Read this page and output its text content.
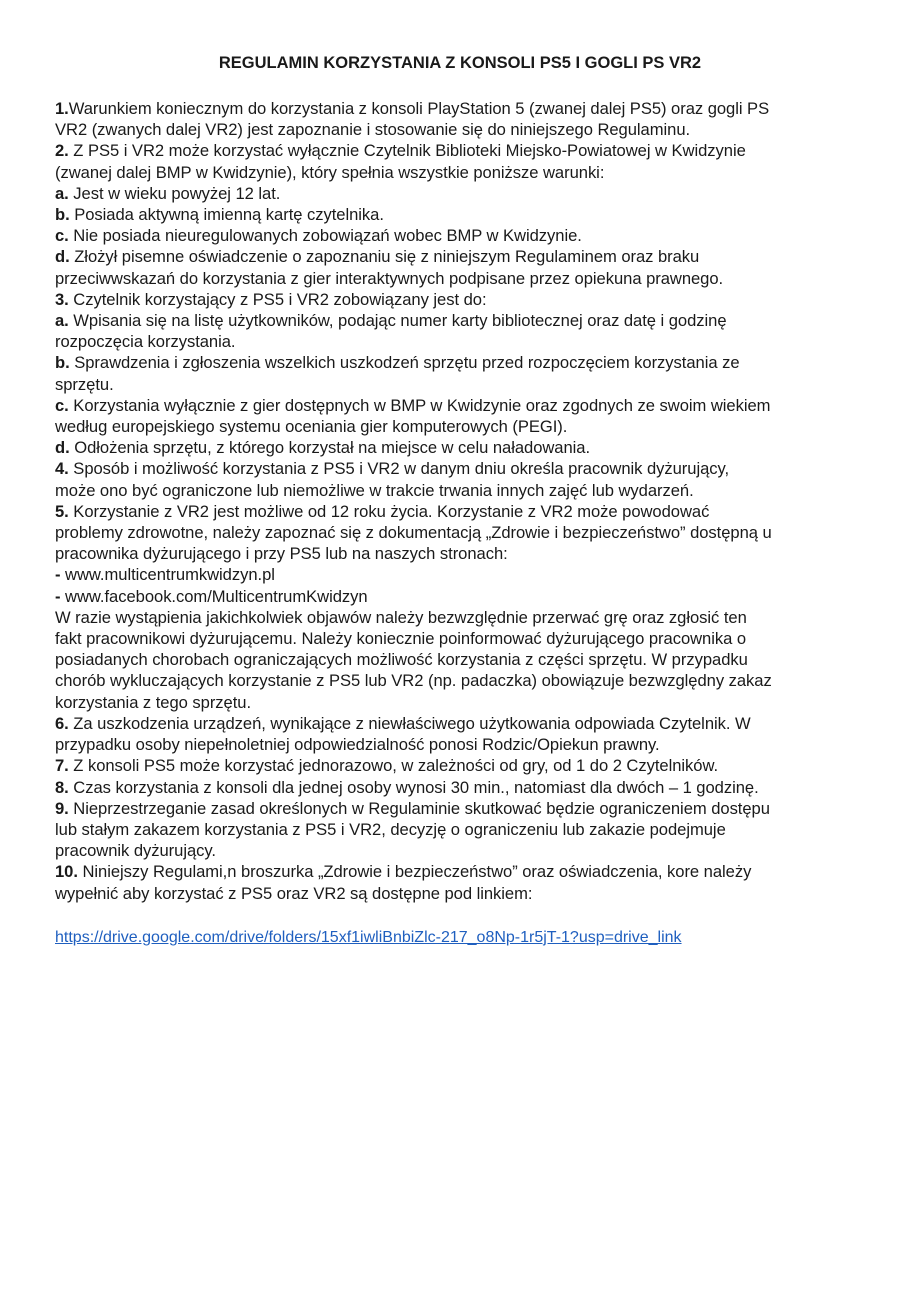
REGULAMIN KORZYSTANIA Z KONSOLI PS5 I GOGLI PS VR2
1.Warunkiem koniecznym do korzystania z konsoli PlayStation 5 (zwanej dalej PS5) oraz gogli PS
VR2 (zwanych dalej VR2) jest zapoznanie i stosowanie się do niniejszego Regulaminu.
2. Z PS5 i VR2 może korzystać wyłącznie Czytelnik Biblioteki Miejsko-Powiatowej w Kwidzynie
(zwanej dalej BMP w Kwidzynie), który spełnia wszystkie poniższe warunki:
a. Jest w wieku powyżej 12 lat.
b. Posiada aktywną imienną kartę czytelnika.
c. Nie posiada nieuregulowanych zobowiązań wobec BMP w Kwidzynie.
d. Złożył pisemne oświadczenie o zapoznaniu się z niniejszym Regulaminem oraz braku
przeciwwskazań do korzystania z gier interaktywnych podpisane przez opiekuna prawnego.
3. Czytelnik korzystający z PS5 i VR2 zobowiązany jest do:
a. Wpisania się na listę użytkowników, podając numer karty bibliotecznej oraz datę i godzinę
rozpoczęcia korzystania.
b. Sprawdzenia i zgłoszenia wszelkich uszkodzeń sprzętu przed rozpoczęciem korzystania ze
sprzętu.
c. Korzystania wyłącznie z gier dostępnych w BMP w Kwidzynie oraz zgodnych ze swoim wiekiem
według europejskiego systemu oceniania gier komputerowych (PEGI).
d. Odłożenia sprzętu, z którego korzystał na miejsce w celu naładowania.
4. Sposób i możliwość korzystania z PS5 i VR2 w danym dniu określa pracownik dyżurujący,
może ono być ograniczone lub niemożliwe w trakcie trwania innych zajęć lub wydarzeń.
5. Korzystanie z VR2 jest możliwe od 12 roku życia. Korzystanie z VR2 może powodować
problemy zdrowotne, należy zapoznać się z dokumentacją „Zdrowie i bezpieczeństwo” dostępną u
pracownika dyżurującego i przy PS5 lub na naszych stronach:
- www.multicentrumkwidzyn.pl
- www.facebook.com/MulticentrumKwidzyn
W razie wystąpienia jakichkolwiek objawów należy bezwzględnie przerwać grę oraz zgłosić ten
fakt pracownikowi dyżurującemu. Należy koniecznie poinformować dyżurującego pracownika o
posiadanych chorobach ograniczających możliwość korzystania z części sprzętu. W przypadku
chorób wykluczających korzystanie z PS5 lub VR2 (np. padaczka) obowiązuje bezwzględny zakaz
korzystania z tego sprzętu.
6. Za uszkodzenia urządzeń, wynikające z niewłaściwego użytkowania odpowiada Czytelnik. W
przypadku osoby niepełnoletniej odpowiedzialność ponosi Rodzic/Opiekun prawny.
7. Z konsoli PS5 może korzystać jednorazowo, w zależności od gry, od 1 do 2 Czytelników.
8. Czas korzystania z konsoli dla jednej osoby wynosi 30 min., natomiast dla dwóch – 1 godzinę.
9. Nieprzestrzeganie zasad określonych w Regulaminie skutkować będzie ograniczeniem dostępu
lub stałym zakazem korzystania z PS5 i VR2, decyzję o ograniczeniu lub zakazie podejmuje
pracownik dyżurujący.
10. Niniejszy Regulami,n broszurka „Zdrowie i bezpieczeństwo” oraz oświadczenia, kore należy
wypełnić aby korzystać z PS5 oraz VR2 są dostępne pod linkiem:
https://drive.google.com/drive/folders/15xf1iwliBnbiZlc-217_o8Np-1r5jT-1?usp=drive_link
